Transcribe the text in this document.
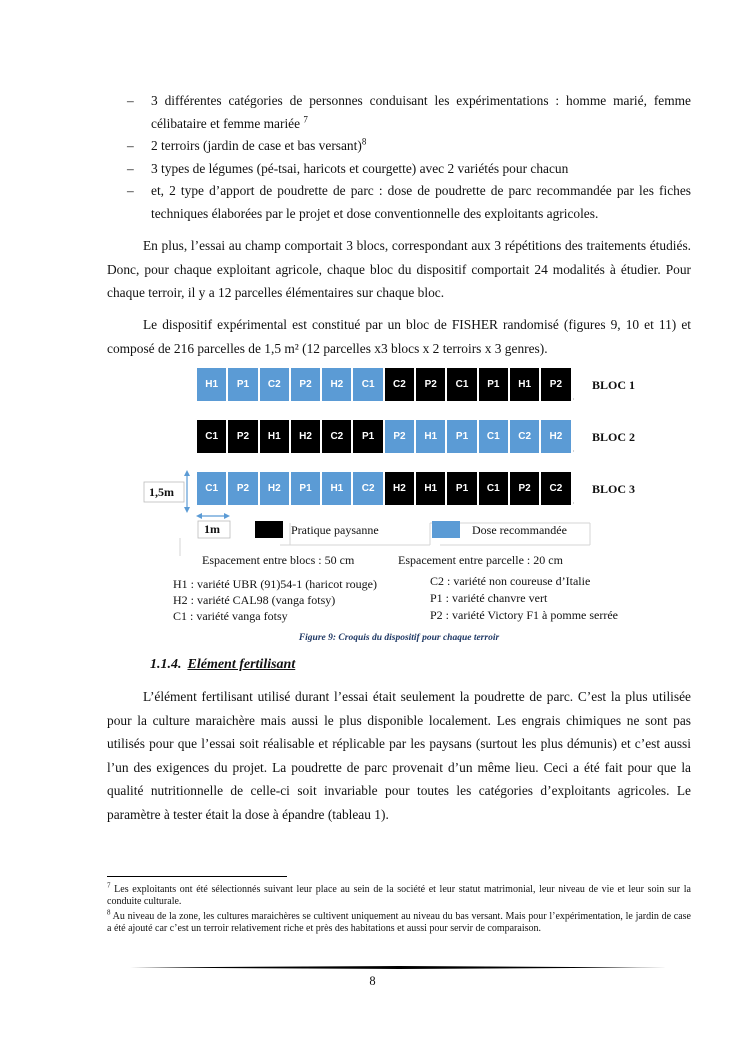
– 3 différentes catégories de personnes conduisant les expérimentations : homme marié, femme célibataire et femme mariée $^7$
– 2 terroirs (jardin de case et bas versant)$^8$
– 3 types de légumes (pé-tsai, haricots et courgette) avec 2 variétés pour chacun
– et, 2 type d’apport de poudrette de parc : dose de poudrette de parc recommandée par les fiches techniques élaborées par le projet et dose conventionnelle des exploitants agricoles.

En plus, l’essai au champ comportait 3 blocs, correspondant aux 3 répétitions des traitements étudiés. Donc, pour chaque exploitant agricole, chaque bloc du dispositif comportait 24 modalités à étudier. Pour chaque terroir, il y a 12 parcelles élémentaires sur chaque bloc.

Le dispositif expérimental est constitué par un bloc de FISHER randomisé (figures 9, 10 et 11) et composé de 216 parcelles de 1,5 m² (12 parcelles x3 blocs x 2 terroirs x 3 genres).

H1	P1	C2	P2	H2	C1	C2	P2	C1	P1	H1	P2	BLOC 1
C1	P2	H1	H2	C2	P1	P2	H1	P1	C1	C2	H2	BLOC 2
C1	P2	H2	P1	H1	C2	H2	H1	P1	C1	P2	C2	BLOC 3
1,5m
1m	Pratique paysanne	Dose recommandée
Espacement entre blocs : 50 cm	Espacement entre parcelle : 20 cm
H1 : variété UBR (91)54-1 (haricot rouge)
H2 : variété CAL98 (vanga fotsy)
C1 : variété vanga fotsy
C2 : variété non coureuse d’Italie
P1 : variété chanvre vert
P2 : variété Victory F1 à pomme serrée
Figure 9: Croquis du dispositif pour chaque terroir
1.1.4. Elément fertilisant

L’élément fertilisant utilisé durant l’essai était seulement la poudrette de parc. C’est la plus utilisée pour la culture maraichère mais aussi le plus disponible localement. Les engrais chimiques ne sont pas utilisés pour que l’essai soit réalisable et réplicable par les paysans (surtout les plus démunis) et c’est aussi l’un des exigences du projet. La poudrette de parc provenait d’un même lieu. Ceci a été fait pour que la qualité nutritionnelle de celle-ci soit invariable pour toutes les catégories d’exploitants agricoles. Le paramètre à tester était la dose à épandre (tableau 1).

$^7$ Les exploitants ont été sélectionnés suivant leur place au sein de la société et leur statut matrimonial, leur niveau de vie et leur soin sur la conduite culturale.

$^8$ Au niveau de la zone, les cultures maraichères se cultivent uniquement au niveau du bas versant. Mais pour l’expérimentation, le jardin de case a été ajouté car c’est un terroir relativement riche et près des habitations et aussi pour servir de comparaison.

8
